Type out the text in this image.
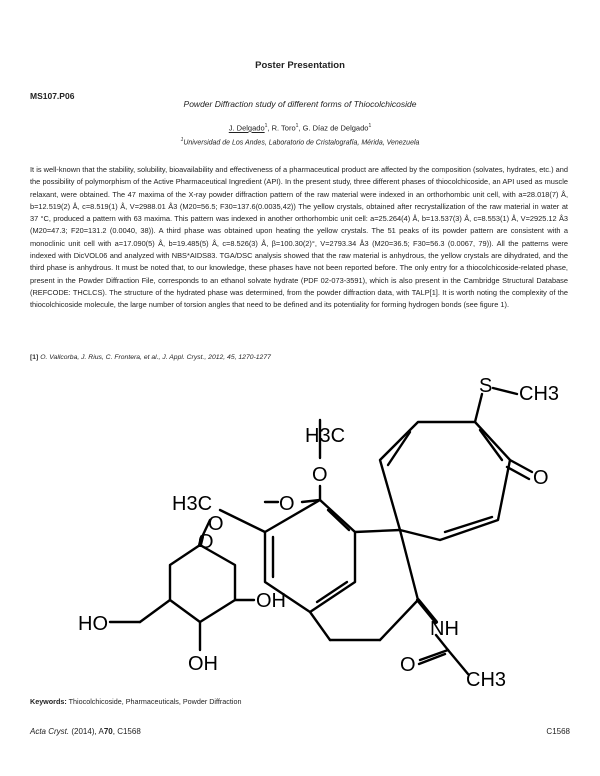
Poster Presentation
MS107.P06
Powder Diffraction study of different forms of Thiocolchicoside
J. Delgado$^1$, R. Toro$^1$, G. Díaz de Delgado$^1$
$^1$Universidad de Los Andes, Laboratorio de Cristalografía, Mérida, Venezuela
It is well-known that the stability, solubility, bioavailability and effectiveness of a pharmaceutical product are affected by the composition (solvates, hydrates, etc.) and the possibility of polymorphism of the Active Pharmaceutical Ingredient (API). In the present study, three different phases of thiocolchicoside, an API used as muscle relaxant, were obtained. The 47 maxima of the X-ray powder diffraction pattern of the raw material were indexed in an orthorhombic unit cell, with a=28.018(7) Å, b=12.519(2) Å, c=8.519(1) Å, V=2988.01 Å3 (M20=56.5; F30=137.6(0.0035,42)) The yellow crystals, obtained after recrystallization of the raw material in water at 37 °C, produced a pattern with 63 maxima. This pattern was indexed in another orthorhombic unit cell: a=25.264(4) Å, b=13.537(3) Å, c=8.553(1) Å, V=2925.12 Å3 (M20=47.3; F20=131.2 (0.0040, 38)). A third phase was obtained upon heating the yellow crystals. The 51 peaks of its powder pattern are consistent with a monoclinic unit cell with a=17.090(5) Å, b=19.485(5) Å, c=8.526(3) Å, β=100.30(2)°, V=2793.34 Å3 (M20=36.5; F30=56.3 (0.0067, 79)). All the patterns were indexed with DicVOL06 and analyzed with NBS*AIDS83. TGA/DSC analysis showed that the raw material is anhydrous, the yellow crystals are dihydrated, and the third phase is anhydrous. It must be noted that, to our knowledge, these phases have not been reported before. The only entry for a thiocolchicoside-related phase, present in the Powder Diffraction File, corresponds to an ethanol solvate hydrate (PDF 02-073-3591), which is also present in the Cambridge Structural Database (REFCODE: THCLCS). The structure of the hydrated phase was determined, from the powder diffraction data, with TALP[1]. It is worth noting the complexity of the thiocolchicoside molecule, the large number of torsion angles that need to be defined and its potentiality for forming hydrogen bonds (see figure 1).
[1] O. Vallcorba, J. Rius, C. Frontera, et al., J. Appl. Cryst., 2012, 45, 1270-1277
H3C
O
H3C	O
O
O
S CH3
O
OH
OH
HO	NH
O
CH3
Keywords: Thiocolchicoside, Pharmaceuticals, Powder Diffraction
Acta Cryst. (2014), A70, C1568	C1568
